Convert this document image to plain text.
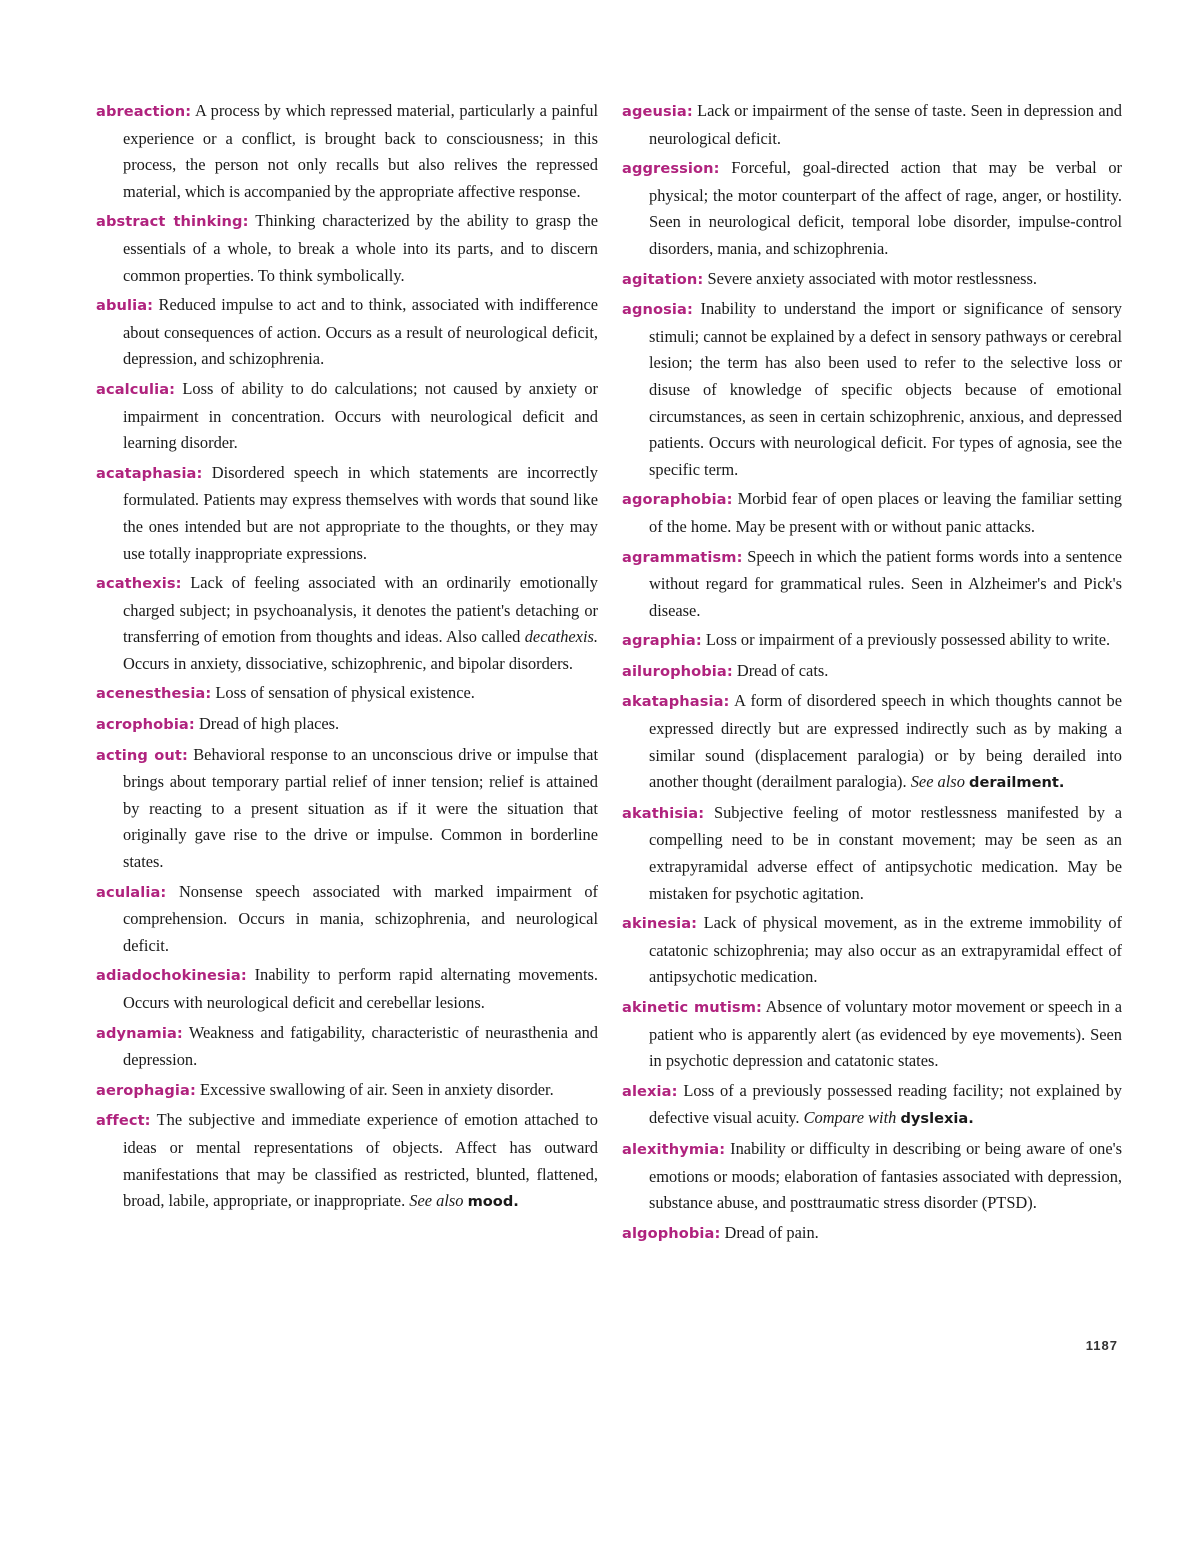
abreaction: A process by which repressed material, particularly a painful experience or a conflict, is brought back to consciousness; in this process, the person not only recalls but also relives the repressed material, which is accompanied by the appropriate affective response.

abstract thinking: Thinking characterized by the ability to grasp the essentials of a whole, to break a whole into its parts, and to discern common properties. To think symbolically.

abulia: Reduced impulse to act and to think, associated with indifference about consequences of action. Occurs as a result of neurological deficit, depression, and schizophrenia.

acalculia: Loss of ability to do calculations; not caused by anxiety or impairment in concentration. Occurs with neurological deficit and learning disorder.

acataphasia: Disordered speech in which statements are incorrectly formulated. Patients may express themselves with words that sound like the ones intended but are not appropriate to the thoughts, or they may use totally inappropriate expressions.

acathexis: Lack of feeling associated with an ordinarily emotionally charged subject; in psychoanalysis, it denotes the patient's detaching or transferring of emotion from thoughts and ideas. Also called decathexis. Occurs in anxiety, dissociative, schizophrenic, and bipolar disorders.

acenesthesia: Loss of sensation of physical existence.

acrophobia: Dread of high places.

acting out: Behavioral response to an unconscious drive or impulse that brings about temporary partial relief of inner tension; relief is attained by reacting to a present situation as if it were the situation that originally gave rise to the drive or impulse. Common in borderline states.

aculalia: Nonsense speech associated with marked impairment of comprehension. Occurs in mania, schizophrenia, and neurological deficit.

adiadochokinesia: Inability to perform rapid alternating movements. Occurs with neurological deficit and cerebellar lesions.

adynamia: Weakness and fatigability, characteristic of neurasthenia and depression.

aerophagia: Excessive swallowing of air. Seen in anxiety disorder.

affect: The subjective and immediate experience of emotion attached to ideas or mental representations of objects. Affect has outward manifestations that may be classified as restricted, blunted, flattened, broad, labile, appropriate, or inappropriate. See also mood.

ageusia: Lack or impairment of the sense of taste. Seen in depression and neurological deficit.

aggression: Forceful, goal-directed action that may be verbal or physical; the motor counterpart of the affect of rage, anger, or hostility. Seen in neurological deficit, temporal lobe disorder, impulse-control disorders, mania, and schizophrenia.

agitation: Severe anxiety associated with motor restlessness.

agnosia: Inability to understand the import or significance of sensory stimuli; cannot be explained by a defect in sensory pathways or cerebral lesion; the term has also been used to refer to the selective loss or disuse of knowledge of specific objects because of emotional circumstances, as seen in certain schizophrenic, anxious, and depressed patients. Occurs with neurological deficit. For types of agnosia, see the specific term.

agoraphobia: Morbid fear of open places or leaving the familiar setting of the home. May be present with or without panic attacks.

agrammatism: Speech in which the patient forms words into a sentence without regard for grammatical rules. Seen in Alzheimer's and Pick's disease.

agraphia: Loss or impairment of a previously possessed ability to write.

ailurophobia: Dread of cats.

akataphasia: A form of disordered speech in which thoughts cannot be expressed directly but are expressed indirectly such as by making a similar sound (displacement paralogia) or by being derailed into another thought (derailment paralogia). See also derailment.

akathisia: Subjective feeling of motor restlessness manifested by a compelling need to be in constant movement; may be seen as an extrapyramidal adverse effect of antipsychotic medication. May be mistaken for psychotic agitation.

akinesia: Lack of physical movement, as in the extreme immobility of catatonic schizophrenia; may also occur as an extrapyramidal effect of antipsychotic medication.

akinetic mutism: Absence of voluntary motor movement or speech in a patient who is apparently alert (as evidenced by eye movements). Seen in psychotic depression and catatonic states.

alexia: Loss of a previously possessed reading facility; not explained by defective visual acuity. Compare with dyslexia.

alexithymia: Inability or difficulty in describing or being aware of one's emotions or moods; elaboration of fantasies associated with depression, substance abuse, and posttraumatic stress disorder (PTSD).

algophobia: Dread of pain.

1187
